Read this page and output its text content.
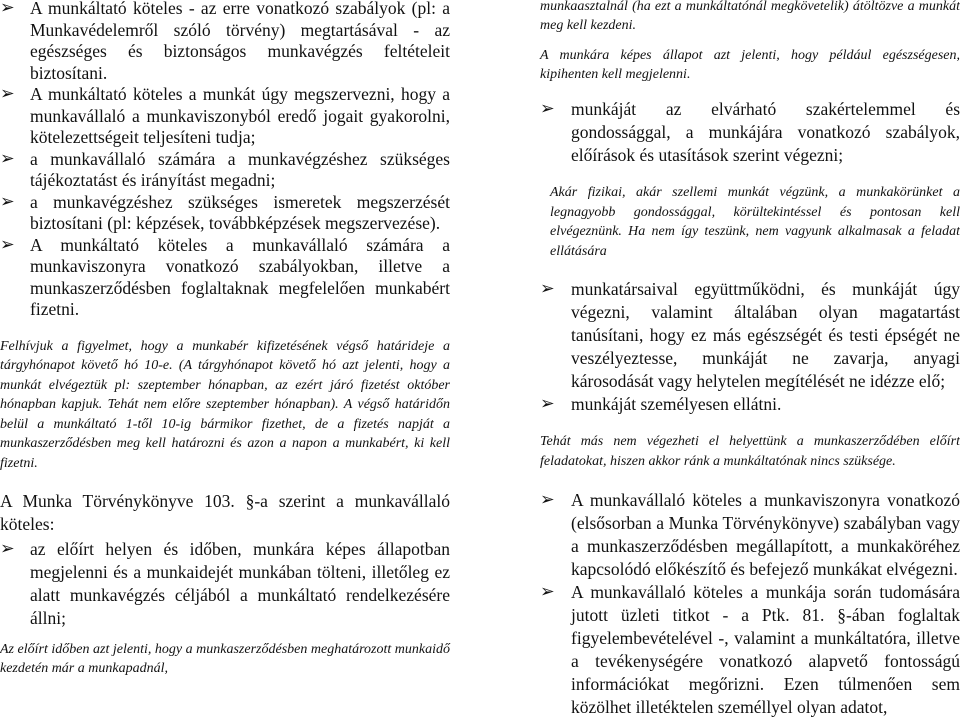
➢ A munkáltató köteles - az erre vonatkozó szabályok (pl: a Munkavédelemről szóló törvény) megtartásával - az egészséges és biztonságos munkavégzés feltételeit biztosítani.
➢ A munkáltató köteles a munkát úgy megszervezni, hogy a munkavállaló a munkaviszonyból eredő jogait gyakorolni, kötelezettségeit teljesíteni tudja;
➢ a munkavállaló számára a munkavégzéshez szükséges tájékoztatást és irányítást megadni;
➢ a munkavégzéshez szükséges ismeretek megszerzését biztosítani (pl: képzések, továbbképzések megszervezése).
➢ A munkáltató köteles a munkavállaló számára a munkaviszonyra vonatkozó szabályokban, illetve a munkaszerződésben foglaltaknak megfelelően munkabért fizetni.
Felhívjuk a figyelmet, hogy a munkabér kifizetésének végső határideje a tárgyhónapot követő hó 10-e. (A tárgyhónapot követő hó azt jelenti, hogy a munkát elvégeztük pl: szeptember hónapban, az ezért járó fizetést október hónapban kapjuk. Tehát nem előre szeptember hónapban). A végső határidőn belül a munkáltató 1-től 10-ig bármikor fizethet, de a fizetés napját a munkaszerződésben meg kell határozni és azon a napon a munkabért, ki kell fizetni.
A Munka Törvénykönyve 103. §-a szerint a munkavállaló köteles:
➢ az előírt helyen és időben, munkára képes állapotban megjelenni és a munkaidejét munkában tölteni, illetőleg ez alatt munkavégzés céljából a munkáltató rendelkezésére állni;
Az előírt időben azt jelenti, hogy a munkaszerződésben meghatározott munkaidő kezdetén már a munkapadnál,
munkaasztalnál (ha ezt a munkáltatónál megkövetelik) átöltözve a munkát meg kell kezdeni.
A munkára képes állapot azt jelenti, hogy például egészségesen, kipihenten kell megjelenni.
➢ munkáját az elvárható szakértelemmel és gondossággal, a munkájára vonatkozó szabályok, előírások és utasítások szerint végezni;
Akár fizikai, akár szellemi munkát végzünk, a munkakörünket a legnagyobb gondossággal, körültekintéssel és pontosan kell elvégeznünk. Ha nem így teszünk, nem vagyunk alkalmasak a feladat ellátására
➢ munkatársaival együttműködni, és munkáját úgy végezni, valamint általában olyan magatartást tanúsítani, hogy ez más egészségét és testi épségét ne veszélyeztesse, munkáját ne zavarja, anyagi károsodását vagy helytelen megítélését ne idézze elő;
➢ munkáját személyesen ellátni.
Tehát más nem végezheti el helyettünk a munkaszerződében előírt feladatokat, hiszen akkor ránk a munkáltatónak nincs szüksége.
➢ A munkavállaló köteles a munkaviszonyra vonatkozó (elsősorban a Munka Törvénykönyve) szabályban vagy a munkaszerződésben megállapított, a munkaköréhez kapcsolódó előkészítő és befejező munkákat elvégezni.
➢ A munkavállaló köteles a munkája során tudomására jutott üzleti titkot - a Ptk. 81. §-ában foglaltak figyelembevételével -, valamint a munkáltatóra, illetve a tevékenységére vonatkozó alapvető fontosságú információkat megőrizni. Ezen túlmenően sem közölhet illetéktelen személlyel olyan adatot,
